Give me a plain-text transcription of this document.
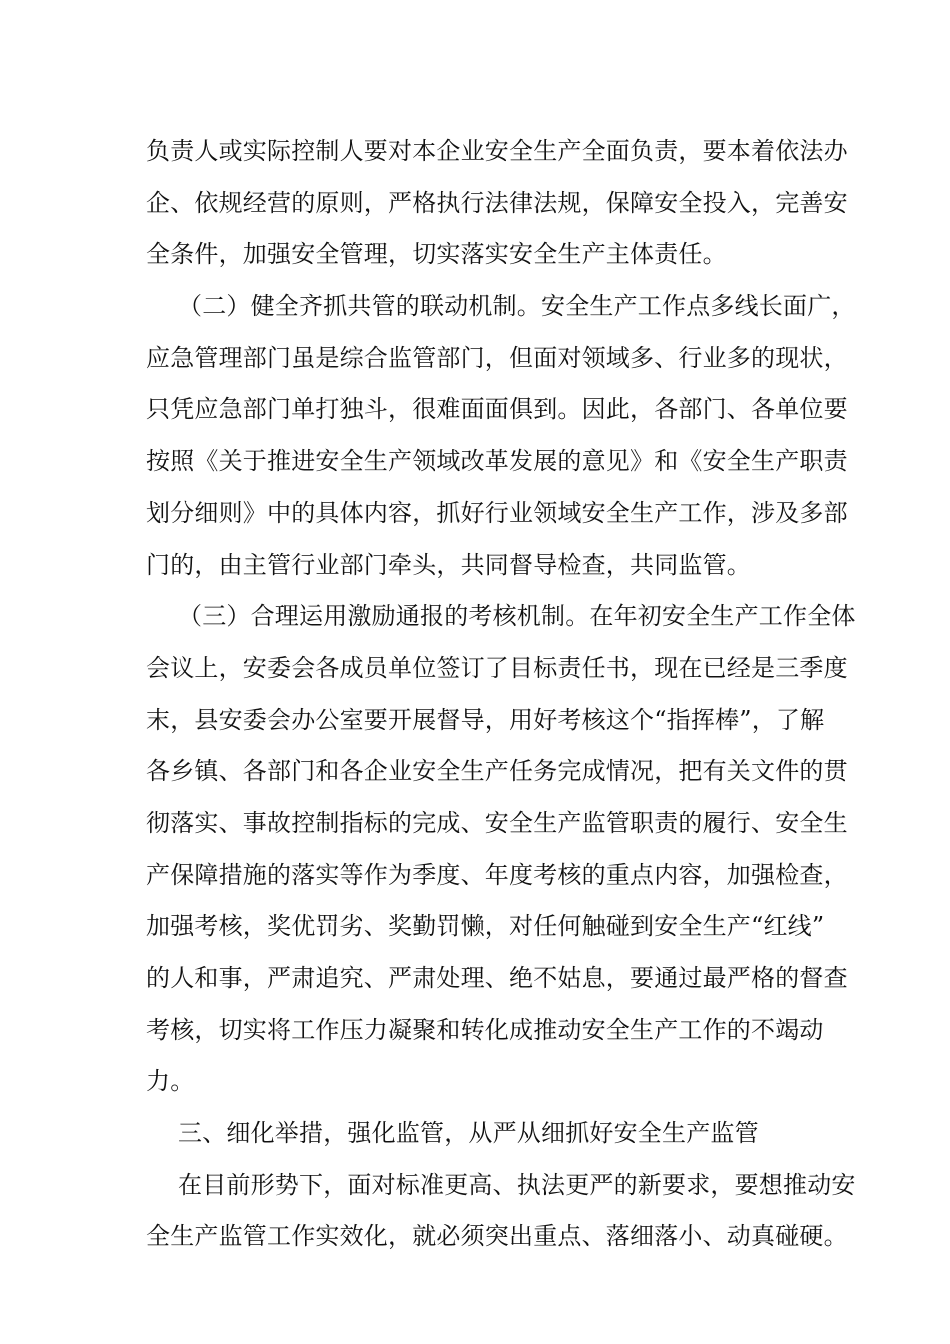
负责人或实际控制人要对本企业安全生产全面负责，要本着依法办
企、依规经营的原则，严格执行法律法规，保障安全投入，完善安
全条件，加强安全管理，切实落实安全生产主体责任。
（二）健全齐抓共管的联动机制。安全生产工作点多线长面广，
应急管理部门虽是综合监管部门，但面对领域多、行业多的现状，
只凭应急部门单打独斗，很难面面俱到。因此，各部门、各单位要
按照《关于推进安全生产领域改革发展的意见》和《安全生产职责
划分细则》中的具体内容，抓好行业领域安全生产工作，涉及多部
门的，由主管行业部门牵头，共同督导检查，共同监管。
（三）合理运用激励通报的考核机制。在年初安全生产工作全体
会议上，安委会各成员单位签订了目标责任书，现在已经是三季度
末，县安委会办公室要开展督导，用好考核这个“指挥棒”，了解
各乡镇、各部门和各企业安全生产任务完成情况，把有关文件的贯
彻落实、事故控制指标的完成、安全生产监管职责的履行、安全生
产保障措施的落实等作为季度、年度考核的重点内容，加强检查，
加强考核，奖优罚劣、奖勤罚懒，对任何触碰到安全生产“红线”
的人和事，严肃追究、严肃处理、绝不姑息，要通过最严格的督查
考核，切实将工作压力凝聚和转化成推动安全生产工作的不竭动
力。
三、细化举措，强化监管，从严从细抓好安全生产监管
在目前形势下，面对标准更高、执法更严的新要求，要想推动安
全生产监管工作实效化，就必须突出重点、落细落小、动真碰硬。
